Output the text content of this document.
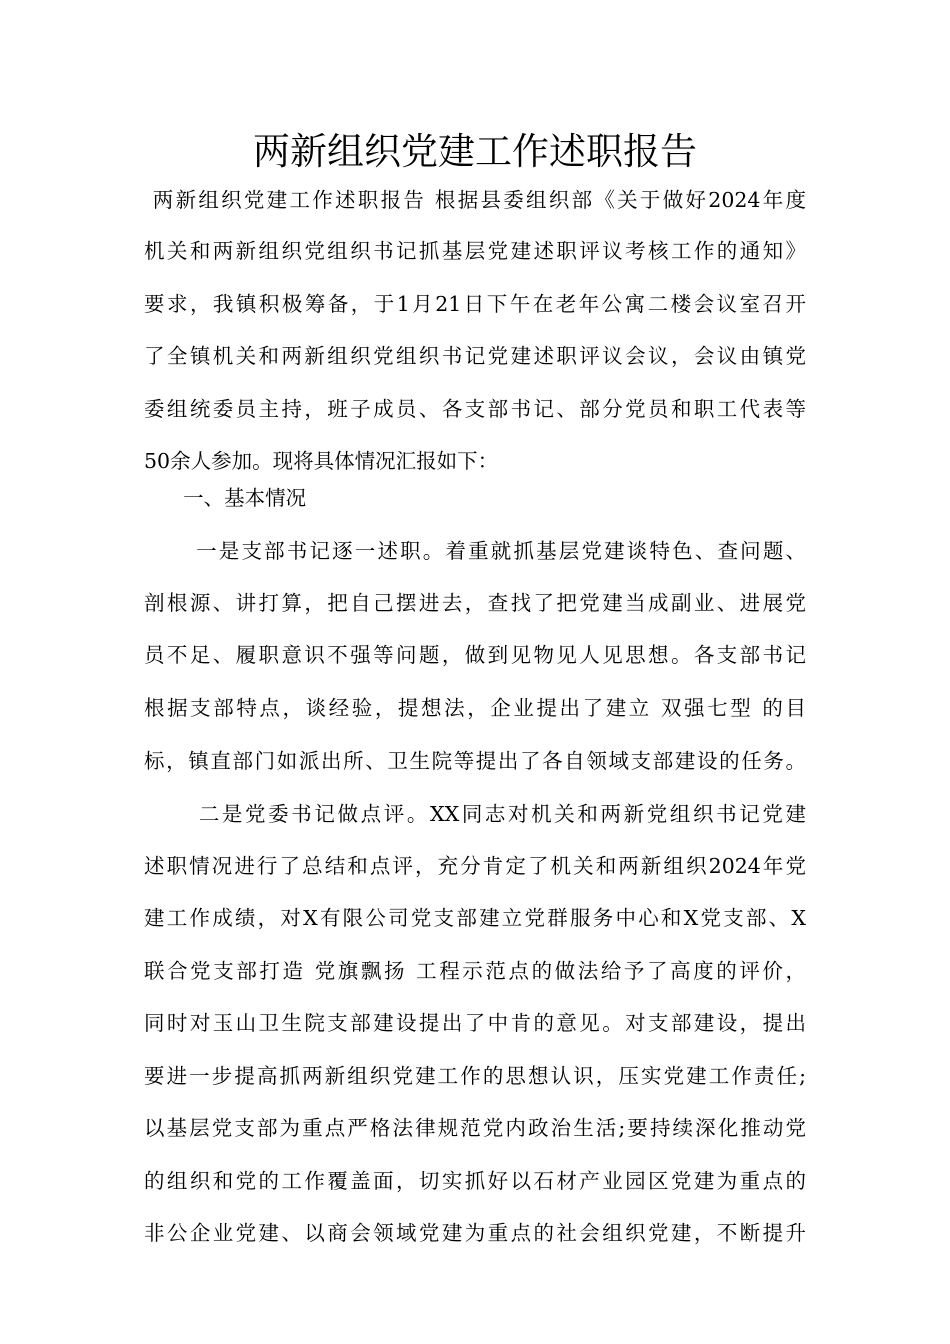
两新组织党建工作述职报告
两新组织党建工作述职报告 根据县委组织部《关于做好2024年度
机关和两新组织党组织书记抓基层党建述职评议考核工作的通知》
要求，我镇积极筹备，于1月21日下午在老年公寓二楼会议室召开
了全镇机关和两新组织党组织书记党建述职评议会议，会议由镇党
委组统委员主持，班子成员、各支部书记、部分党员和职工代表等
50余人参加。现将具体情况汇报如下：
一、基本情况
一是支部书记逐一述职。着重就抓基层党建谈特色、查问题、
剖根源、讲打算，把自己摆进去，查找了把党建当成副业、进展党
员不足、履职意识不强等问题，做到见物见人见思想。各支部书记
根据支部特点，谈经验，提想法，企业提出了建立 双强七型 的目
标，镇直部门如派出所、卫生院等提出了各自领域支部建设的任务。
二是党委书记做点评。XX同志对机关和两新党组织书记党建
述职情况进行了总结和点评，充分肯定了机关和两新组织2024年党
建工作成绩，对X有限公司党支部建立党群服务中心和X党支部、X
联合党支部打造 党旗飘扬 工程示范点的做法给予了高度的评价，
同时对玉山卫生院支部建设提出了中肯的意见。对支部建设，提出
要进一步提高抓两新组织党建工作的思想认识，压实党建工作责任;
以基层党支部为重点严格法律规范党内政治生活;要持续深化推动党
的组织和党的工作覆盖面，切实抓好以石材产业园区党建为重点的
非公企业党建、以商会领域党建为重点的社会组织党建，不断提升
